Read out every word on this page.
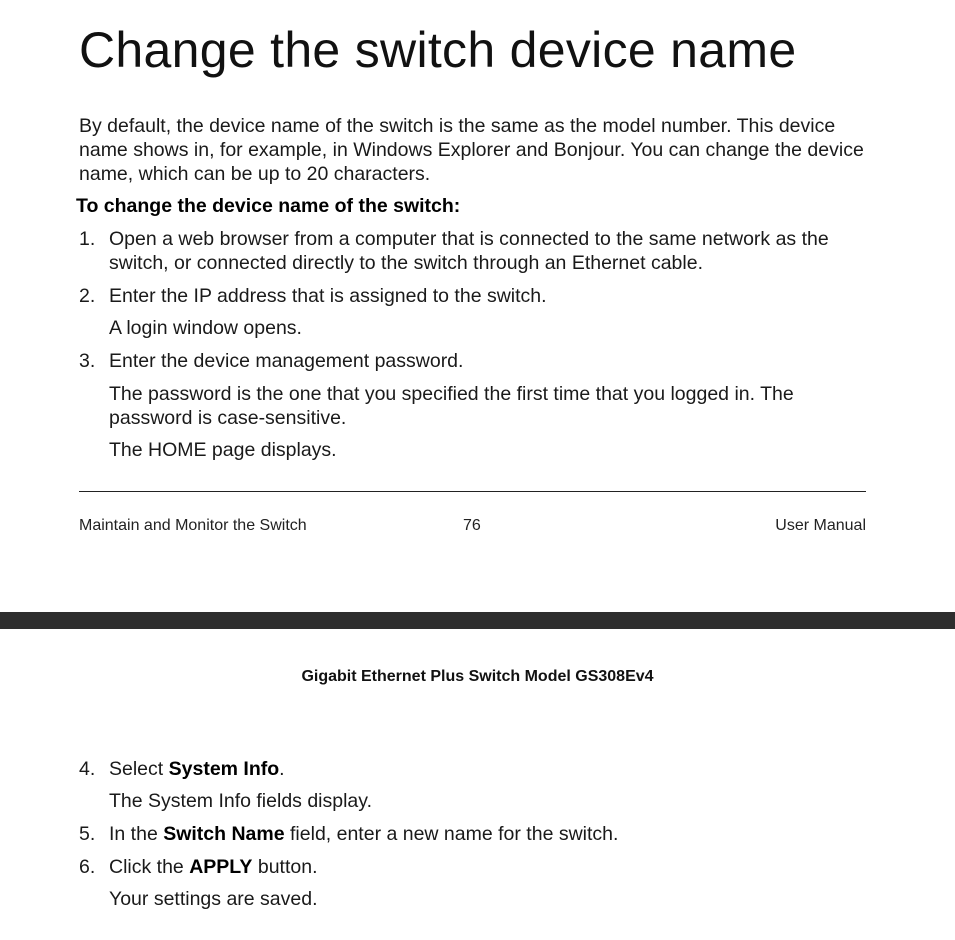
Change the switch device name

By default, the device name of the switch is the same as the model number. This device name shows in, for example, in Windows Explorer and Bonjour. You can change the device name, which can be up to 20 characters.

To change the device name of the switch:
1. Open a web browser from a computer that is connected to the same network as the switch, or connected directly to the switch through an Ethernet cable.
2. Enter the IP address that is assigned to the switch.
A login window opens.
3. Enter the device management password.
The password is the one that you specified the first time that you logged in. The password is case-sensitive.
The HOME page displays.
Maintain and Monitor the Switch	76	User Manual
Gigabit Ethernet Plus Switch Model GS308Ev4
4. Select System Info.
The System Info fields display.
5. In the Switch Name field, enter a new name for the switch.
6. Click the APPLY button.
Your settings are saved.
